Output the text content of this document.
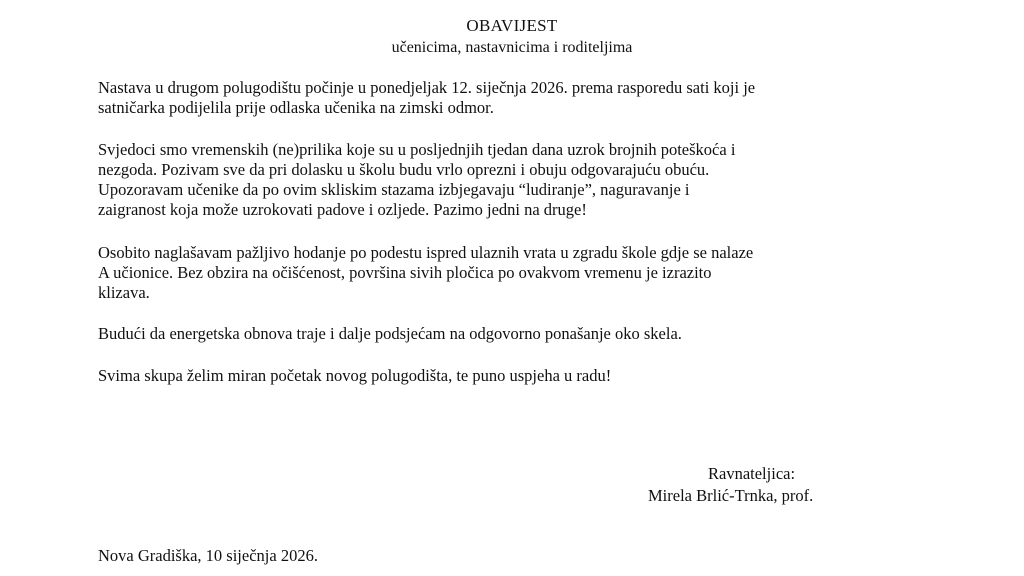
OBAVIJEST
učenicima, nastavnicima i roditeljima

Nastava u drugom polugodištu počinje u ponedjeljak 12. siječnja 2026. prema rasporedu sati koji je
satničarka podijelila prije odlaska učenika na zimski odmor.

Svjedoci smo vremenskih (ne)prilika koje su u posljednjih tjedan dana uzrok brojnih poteškoća i
nezgoda. Pozivam sve da pri dolasku u školu budu vrlo oprezni i obuju odgovarajuću obuću.
Upozoravam učenike da po ovim skliskim stazama izbjegavaju “ludiranje”, naguravanje i
zaigranost koja može uzrokovati padove i ozljede. Pazimo jedni na druge!

Osobito naglašavam pažljivo hodanje po podestu ispred ulaznih vrata u zgradu škole gdje se nalaze
A učionice. Bez obzira na očišćenost, površina sivih pločica po ovakvom vremenu je izrazito
klizava.

Budući da energetska obnova traje i dalje podsjećam na odgovorno ponašanje oko skela.

Svima skupa želim miran početak novog polugodišta, te puno uspjeha u radu!

Ravnateljica:
Mirela Brlić-Trnka, prof.
Nova Gradiška, 10 siječnja 2026.
